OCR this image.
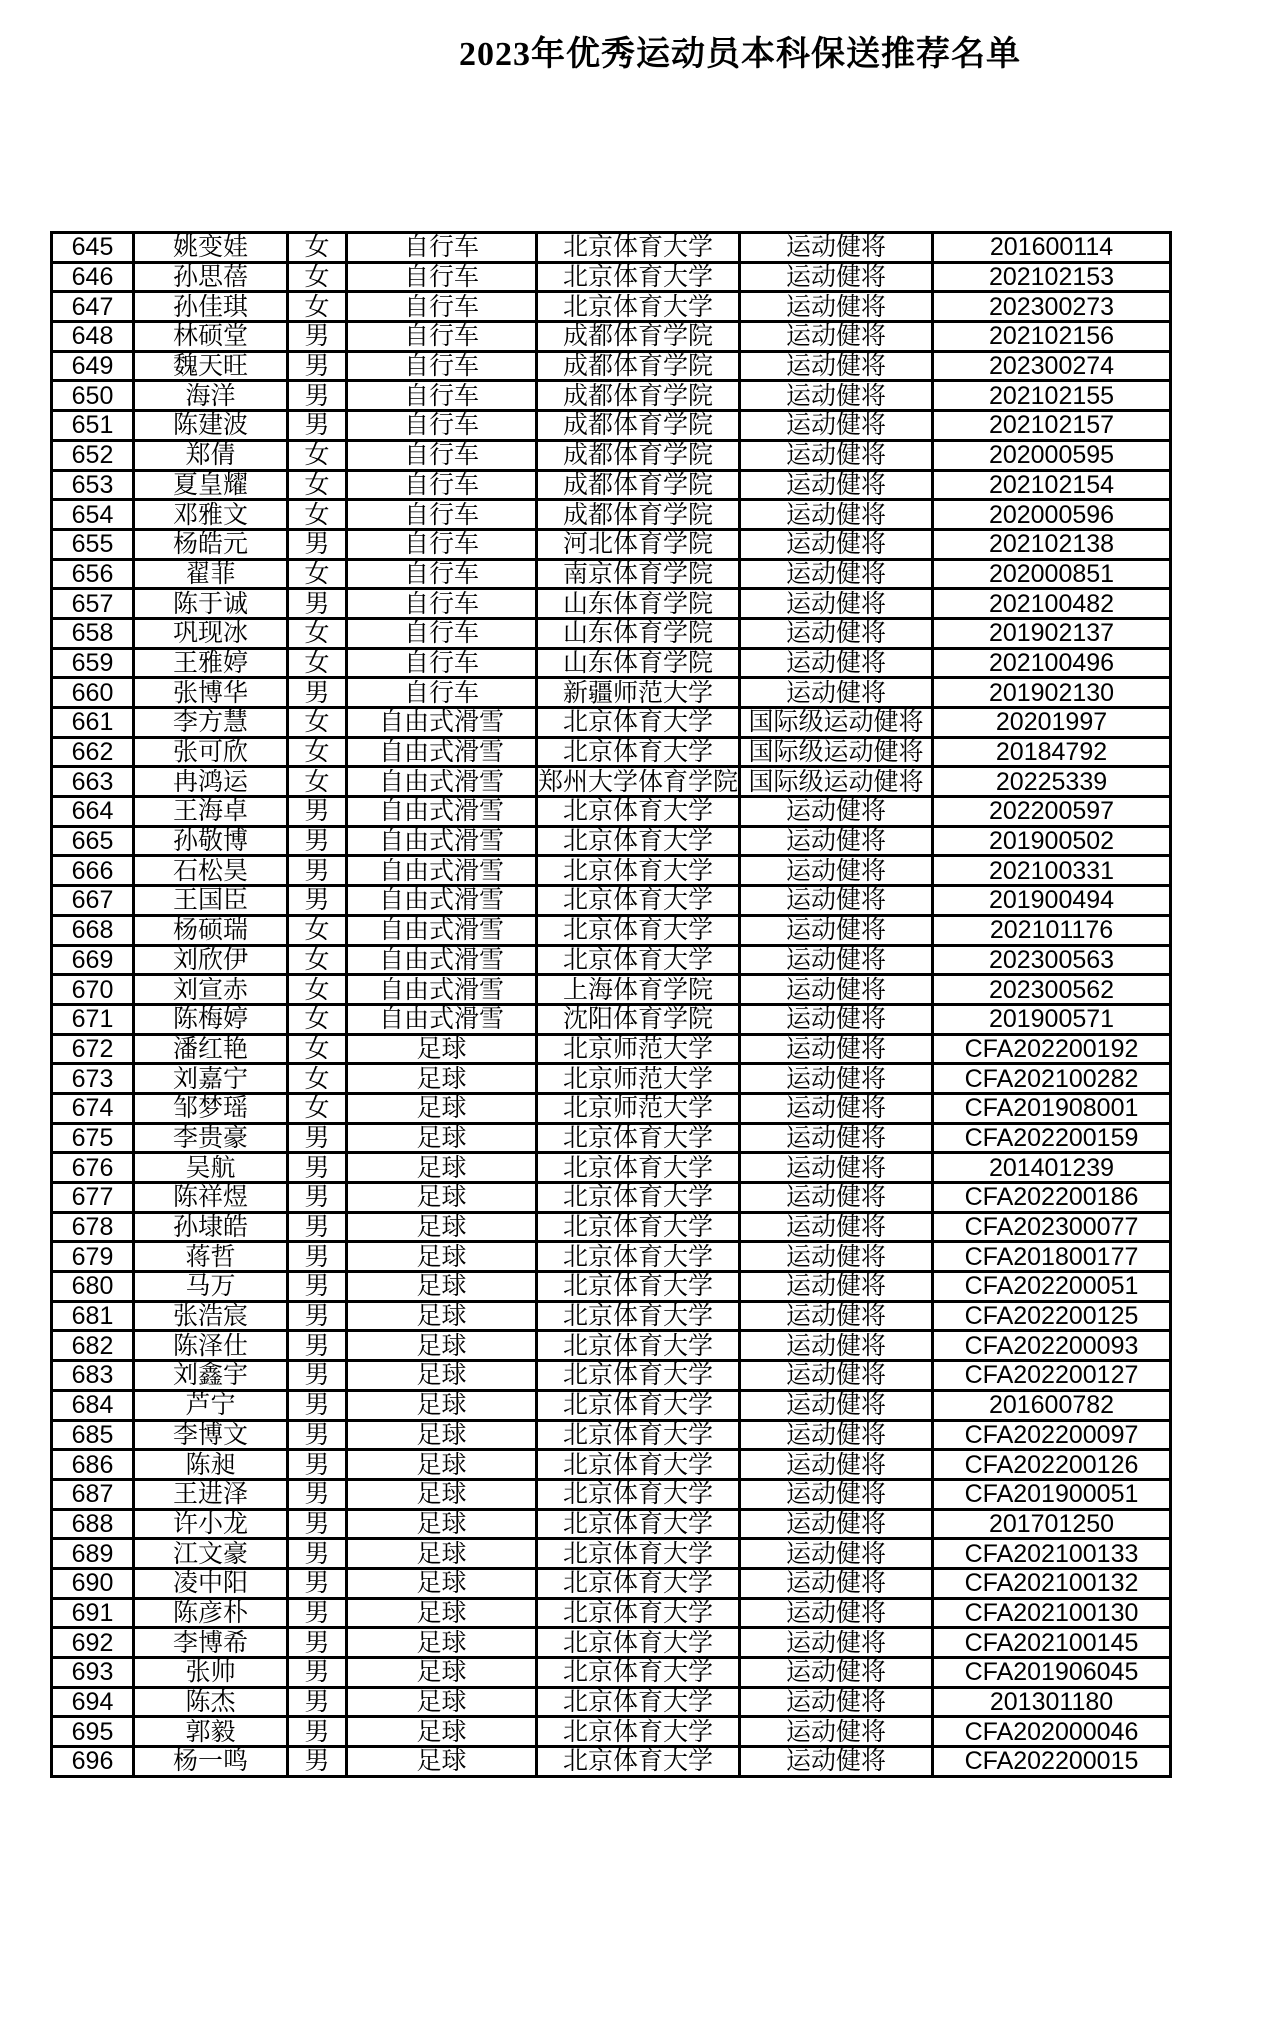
2023年优秀运动员本科保送推荐名单
645	姚变娃	女	自行车	北京体育大学	运动健将	201600114

646	孙思蓓	女	自行车	北京体育大学	运动健将	202102153

647	孙佳琪	女	自行车	北京体育大学	运动健将	202300273

648	林硕堂	男	自行车	成都体育学院	运动健将	202102156

649	魏天旺	男	自行车	成都体育学院	运动健将	202300274

650	海洋	男	自行车	成都体育学院	运动健将	202102155

651	陈建波	男	自行车	成都体育学院	运动健将	202102157

652	郑倩	女	自行车	成都体育学院	运动健将	202000595

653	夏皇耀	女	自行车	成都体育学院	运动健将	202102154

654	邓雅文	女	自行车	成都体育学院	运动健将	202000596

655	杨皓元	男	自行车	河北体育学院	运动健将	202102138

656	翟菲	女	自行车	南京体育学院	运动健将	202000851

657	陈于诚	男	自行车	山东体育学院	运动健将	202100482

658	巩现冰	女	自行车	山东体育学院	运动健将	201902137

659	王雅婷	女	自行车	山东体育学院	运动健将	202100496

660	张博华	男	自行车	新疆师范大学	运动健将	201902130

661	李方慧	女	自由式滑雪	北京体育大学	国际级运动健将	20201997

662	张可欣	女	自由式滑雪	北京体育大学	国际级运动健将	20184792

663	冉鸿运	女	自由式滑雪	郑州大学体育学院	国际级运动健将	20225339

664	王海卓	男	自由式滑雪	北京体育大学	运动健将	202200597

665	孙敬博	男	自由式滑雪	北京体育大学	运动健将	201900502

666	石松昊	男	自由式滑雪	北京体育大学	运动健将	202100331

667	王国臣	男	自由式滑雪	北京体育大学	运动健将	201900494

668	杨硕瑞	女	自由式滑雪	北京体育大学	运动健将	202101176

669	刘欣伊	女	自由式滑雪	北京体育大学	运动健将	202300563

670	刘宣赤	女	自由式滑雪	上海体育学院	运动健将	202300562

671	陈梅婷	女	自由式滑雪	沈阳体育学院	运动健将	201900571

672	潘红艳	女	足球	北京师范大学	运动健将	CFA202200192

673	刘嘉宁	女	足球	北京师范大学	运动健将	CFA202100282

674	邹梦瑶	女	足球	北京师范大学	运动健将	CFA201908001

675	李贵豪	男	足球	北京体育大学	运动健将	CFA202200159

676	吴航	男	足球	北京体育大学	运动健将	201401239

677	陈祥煜	男	足球	北京体育大学	运动健将	CFA202200186

678	孙埭皓	男	足球	北京体育大学	运动健将	CFA202300077

679	蒋哲	男	足球	北京体育大学	运动健将	CFA201800177

680	马万	男	足球	北京体育大学	运动健将	CFA202200051

681	张浩宸	男	足球	北京体育大学	运动健将	CFA202200125

682	陈泽仕	男	足球	北京体育大学	运动健将	CFA202200093

683	刘鑫宇	男	足球	北京体育大学	运动健将	CFA202200127

684	芦宁	男	足球	北京体育大学	运动健将	201600782

685	李博文	男	足球	北京体育大学	运动健将	CFA202200097

686	陈昶	男	足球	北京体育大学	运动健将	CFA202200126

687	王进泽	男	足球	北京体育大学	运动健将	CFA201900051

688	许小龙	男	足球	北京体育大学	运动健将	201701250

689	江文豪	男	足球	北京体育大学	运动健将	CFA202100133

690	凌中阳	男	足球	北京体育大学	运动健将	CFA202100132

691	陈彦朴	男	足球	北京体育大学	运动健将	CFA202100130

692	李博希	男	足球	北京体育大学	运动健将	CFA202100145

693	张帅	男	足球	北京体育大学	运动健将	CFA201906045

694	陈杰	男	足球	北京体育大学	运动健将	201301180

695	郭毅	男	足球	北京体育大学	运动健将	CFA202000046

696	杨一鸣	男	足球	北京体育大学	运动健将	CFA202200015
